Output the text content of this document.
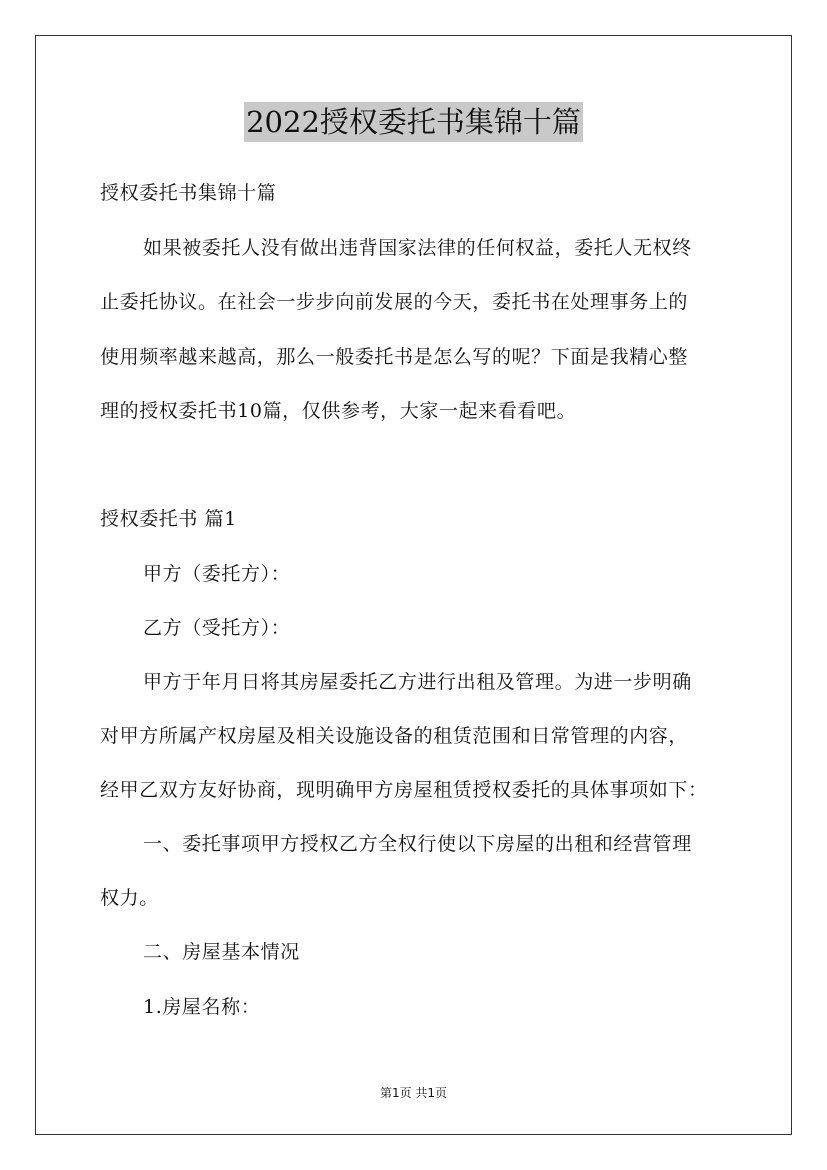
2022授权委托书集锦十篇

授权委托书集锦十篇

如果被委托人没有做出违背国家法律的任何权益，委托人无权终

止委托协议。在社会一步步向前发展的今天，委托书在处理事务上的

使用频率越来越高，那么一般委托书是怎么写的呢？下面是我精心整

理的授权委托书10篇，仅供参考，大家一起来看看吧。

授权委托书 篇1

甲方（委托方）：

乙方（受托方）：

甲方于年月日将其房屋委托乙方进行出租及管理。为进一步明确

对甲方所属产权房屋及相关设施设备的租赁范围和日常管理的内容，

经甲乙双方友好协商，现明确甲方房屋租赁授权委托的具体事项如下：

一、委托事项甲方授权乙方全权行使以下房屋的出租和经营管理

权力。

二、房屋基本情况

1.房屋名称：

第1页 共1页
